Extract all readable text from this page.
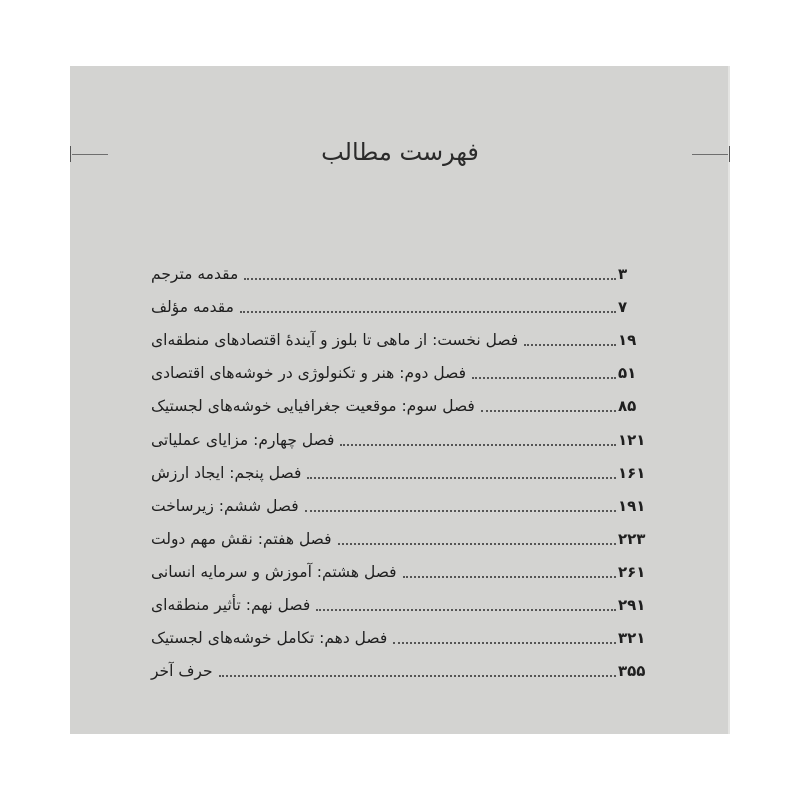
فهرست مطالب
مقدمه مترجم	۳
مقدمه مؤلف	۷
فصل نخست: از ماهی تا بلوز و آیندهٔ اقتصادهای منطقه‌ای	۱۹
فصل دوم: هنر و تکنولوژی در خوشه‌های اقتصادی	۵۱
فصل سوم: موقعیت جغرافیایی خوشه‌های لجستیک	۸۵
فصل چهارم: مزایای عملیاتی	۱۲۱
فصل پنجم: ایجاد ارزش	۱۶۱
فصل ششم: زیرساخت	۱۹۱
فصل هفتم: نقش مهم دولت	۲۲۳
فصل هشتم: آموزش و سرمایه انسانی	۲۶۱
فصل نهم: تأثیر منطقه‌ای	۲۹۱
فصل دهم: تکامل خوشه‌های لجستیک	۳۲۱
حرف آخر	۳۵۵
